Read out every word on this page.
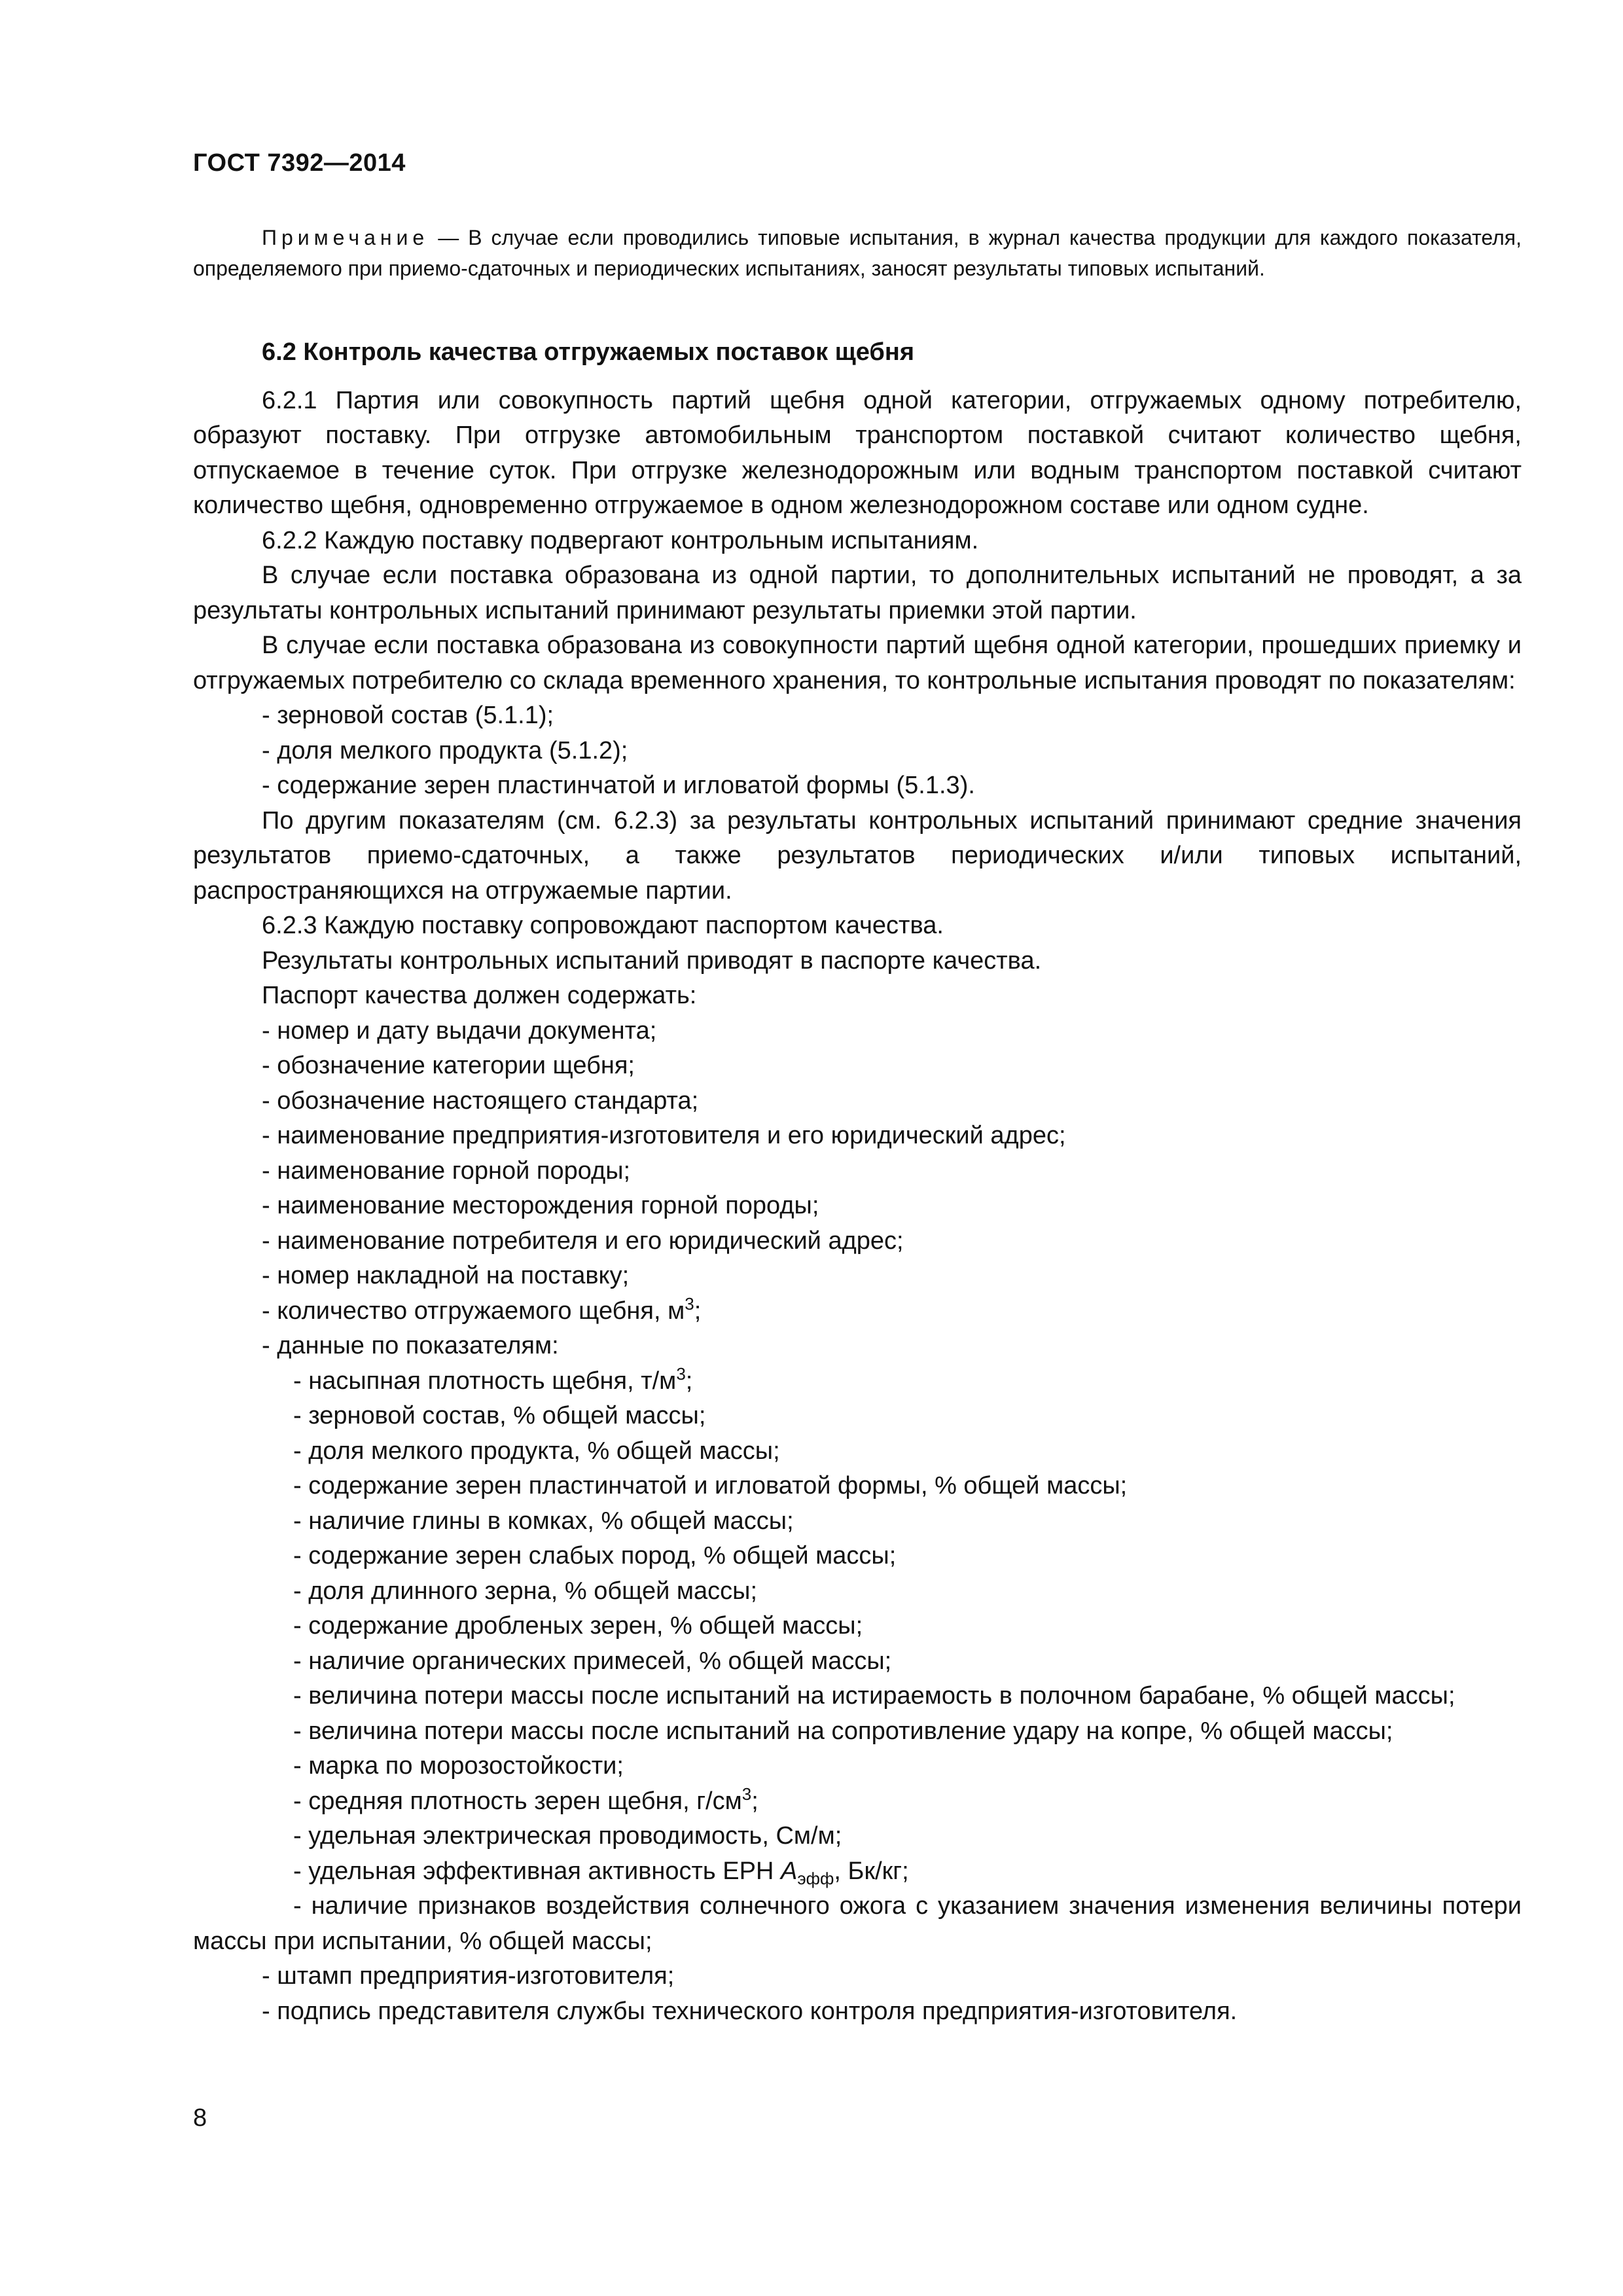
ГОСТ 7392—2014
Примечание — В случае если проводились типовые испытания, в журнал качества продукции для каждого показателя, определяемого при приемо-сдаточных и периодических испытаниях, заносят результаты типовых испытаний.
6.2 Контроль качества отгружаемых поставок щебня

6.2.1 Партия или совокупность партий щебня одной категории, отгружаемых одному потребителю, образуют поставку. При отгрузке автомобильным транспортом поставкой считают количество щебня, отпускаемое в течение суток. При отгрузке железнодорожным или водным транспортом поставкой считают количество щебня, одновременно отгружаемое в одном железнодорожном составе или одном судне.

6.2.2 Каждую поставку подвергают контрольным испытаниям.

В случае если поставка образована из одной партии, то дополнительных испытаний не проводят, а за результаты контрольных испытаний принимают результаты приемки этой партии.

В случае если поставка образована из совокупности партий щебня одной категории, прошедших приемку и отгружаемых потребителю со склада временного хранения, то контрольные испытания проводят по показателям:

- зерновой состав (5.1.1);
- доля мелкого продукта (5.1.2);
- содержание зерен пластинчатой и игловатой формы (5.1.3).

По другим показателям (см. 6.2.3) за результаты контрольных испытаний принимают средние значения результатов приемо-сдаточных, а также результатов периодических и/или типовых испытаний, распространяющихся на отгружаемые партии.

6.2.3 Каждую поставку сопровождают паспортом качества.

Результаты контрольных испытаний приводят в паспорте качества.

Паспорт качества должен содержать:

- номер и дату выдачи документа;
- обозначение категории щебня;
- обозначение настоящего стандарта;
- наименование предприятия-изготовителя и его юридический адрес;
- наименование горной породы;
- наименование месторождения горной породы;
- наименование потребителя и его юридический адрес;
- номер накладной на поставку;
- количество отгружаемого щебня, $м^3$;
- данные по показателям:
- насыпная плотность щебня, $т/м^3$;
- зерновой состав, % общей массы;
- доля мелкого продукта, % общей массы;
- содержание зерен пластинчатой и игловатой формы, % общей массы;
- наличие глины в комках, % общей массы;
- содержание зерен слабых пород, % общей массы;
- доля длинного зерна, % общей массы;
- содержание дробленых зерен, % общей массы;
- наличие органических примесей, % общей массы;
- величина потери массы после испытаний на истираемость в полочном барабане, % общей массы;
- величина потери массы после испытаний на сопротивление удару на копре, % общей массы;
- марка по морозостойкости;
- средняя плотность зерен щебня, $г/см^3$;
- удельная электрическая проводимость, См/м;
- удельная эффективная активность ЕРН $A_{эфф}$, Бк/кг;

- наличие признаков воздействия солнечного ожога с указанием значения изменения величины потери массы при испытании, % общей массы;

- штамп предприятия-изготовителя;
- подпись представителя службы технического контроля предприятия-изготовителя.
8
